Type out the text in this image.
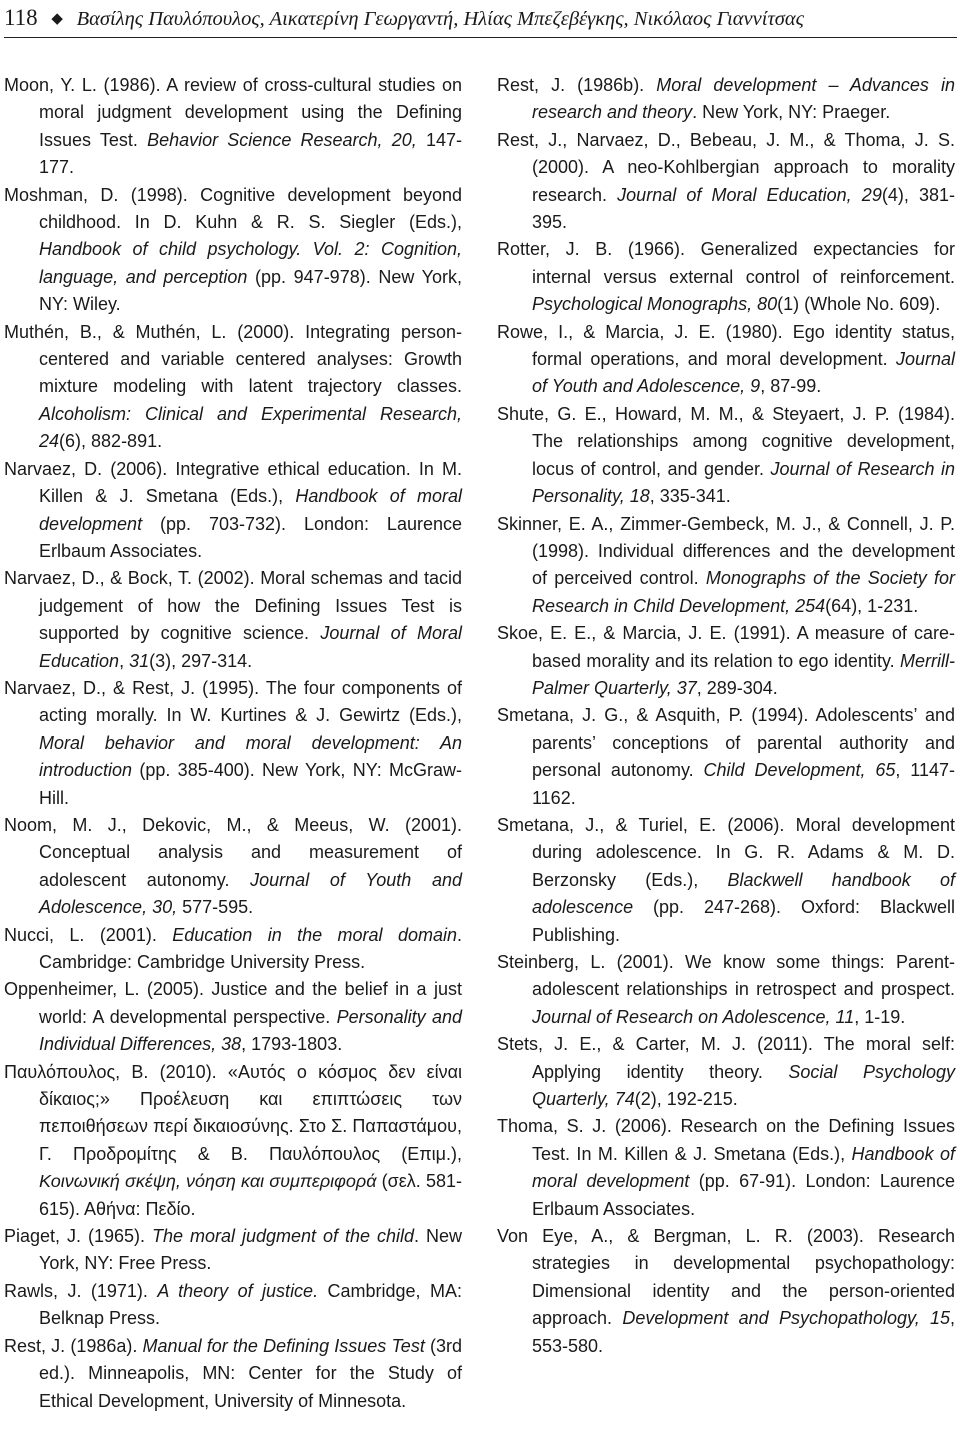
118 ◆ Βασίλης Παυλόπουλος, Αικατερίνη Γεωργαντή, Ηλίας Μπεζεβέγκης, Νικόλαος Γιαννίτσας
Moon, Y. L. (1986). A review of cross-cultural studies on moral judgment development using the Defining Issues Test. Behavior Science Research, 20, 147-177.
Moshman, D. (1998). Cognitive development beyond childhood. In D. Kuhn & R. S. Siegler (Eds.), Handbook of child psychology. Vol. 2: Cognition, language, and perception (pp. 947-978). New York, NY: Wiley.
Muthén, B., & Muthén, L. (2000). Integrating person-centered and variable centered analyses: Growth mixture modeling with latent trajectory classes. Alcoholism: Clinical and Experimental Research, 24(6), 882-891.
Narvaez, D. (2006). Integrative ethical education. In M. Killen & J. Smetana (Eds.), Handbook of moral development (pp. 703-732). London: Laurence Erlbaum Associates.
Narvaez, D., & Bock, T. (2002). Moral schemas and tacid judgement of how the Defining Issues Test is supported by cognitive science. Journal of Moral Education, 31(3), 297-314.
Narvaez, D., & Rest, J. (1995). The four components of acting morally. In W. Kurtines & J. Gewirtz (Eds.), Moral behavior and moral development: An introduction (pp. 385-400). New York, NY: McGraw-Hill.
Noom, M. J., Dekovic, M., & Meeus, W. (2001). Conceptual analysis and measurement of adolescent autonomy. Journal of Youth and Adolescence, 30, 577-595.
Nucci, L. (2001). Education in the moral domain. Cambridge: Cambridge University Press.
Oppenheimer, L. (2005). Justice and the belief in a just world: A developmental perspective. Personality and Individual Differences, 38, 1793-1803.
Παυλόπουλος, Β. (2010). «Αυτός ο κόσμος δεν είναι δίκαιος;» Προέλευση και επιπτώσεις των πεποιθήσεων περί δικαιοσύνης. Στο Σ. Παπαστάμου, Γ. Προδρομίτης & Β. Παυλόπουλος (Επιμ.), Κοινωνική σκέψη, νόηση και συμπεριφορά (σελ. 581-615). Αθήνα: Πεδίο.
Piaget, J. (1965). The moral judgment of the child. New York, NY: Free Press.
Rawls, J. (1971). A theory of justice. Cambridge, MA: Belknap Press.
Rest, J. (1986a). Manual for the Defining Issues Test (3rd ed.). Minneapolis, MN: Center for the Study of Ethical Development, University of Minnesota.
Rest, J. (1986b). Moral development – Advances in research and theory. New York, NY: Praeger.
Rest, J., Narvaez, D., Bebeau, J. M., & Thoma, J. S. (2000). A neo-Kohlbergian approach to morality research. Journal of Moral Education, 29(4), 381-395.
Rotter, J. B. (1966). Generalized expectancies for internal versus external control of reinforcement. Psychological Monographs, 80(1) (Whole No. 609).
Rowe, I., & Marcia, J. E. (1980). Ego identity status, formal operations, and moral development. Journal of Youth and Adolescence, 9, 87-99.
Shute, G. E., Howard, M. M., & Steyaert, J. P. (1984). The relationships among cognitive development, locus of control, and gender. Journal of Research in Personality, 18, 335-341.
Skinner, E. A., Zimmer-Gembeck, M. J., & Connell, J. P. (1998). Individual differences and the development of perceived control. Monographs of the Society for Research in Child Development, 254(64), 1-231.
Skoe, E. E., & Marcia, J. E. (1991). A measure of care-based morality and its relation to ego identity. Merrill-Palmer Quarterly, 37, 289-304.
Smetana, J. G., & Asquith, P. (1994). Adolescents’ and parents’ conceptions of parental authority and personal autonomy. Child Development, 65, 1147-1162.
Smetana, J., & Turiel, E. (2006). Moral development during adolescence. In G. R. Adams & M. D. Berzonsky (Eds.), Blackwell handbook of adolescence (pp. 247-268). Oxford: Blackwell Publishing.
Steinberg, L. (2001). We know some things: Parent-adolescent relationships in retrospect and prospect. Journal of Research on Adolescence, 11, 1-19.
Stets, J. E., & Carter, M. J. (2011). The moral self: Applying identity theory. Social Psychology Quarterly, 74(2), 192-215.
Thoma, S. J. (2006). Research on the Defining Issues Test. In M. Killen & J. Smetana (Eds.), Handbook of moral development (pp. 67-91). London: Laurence Erlbaum Associates.
Von Eye, A., & Bergman, L. R. (2003). Research strategies in developmental psychopathology: Dimensional identity and the person-oriented approach. Development and Psychopathology, 15, 553-580.
